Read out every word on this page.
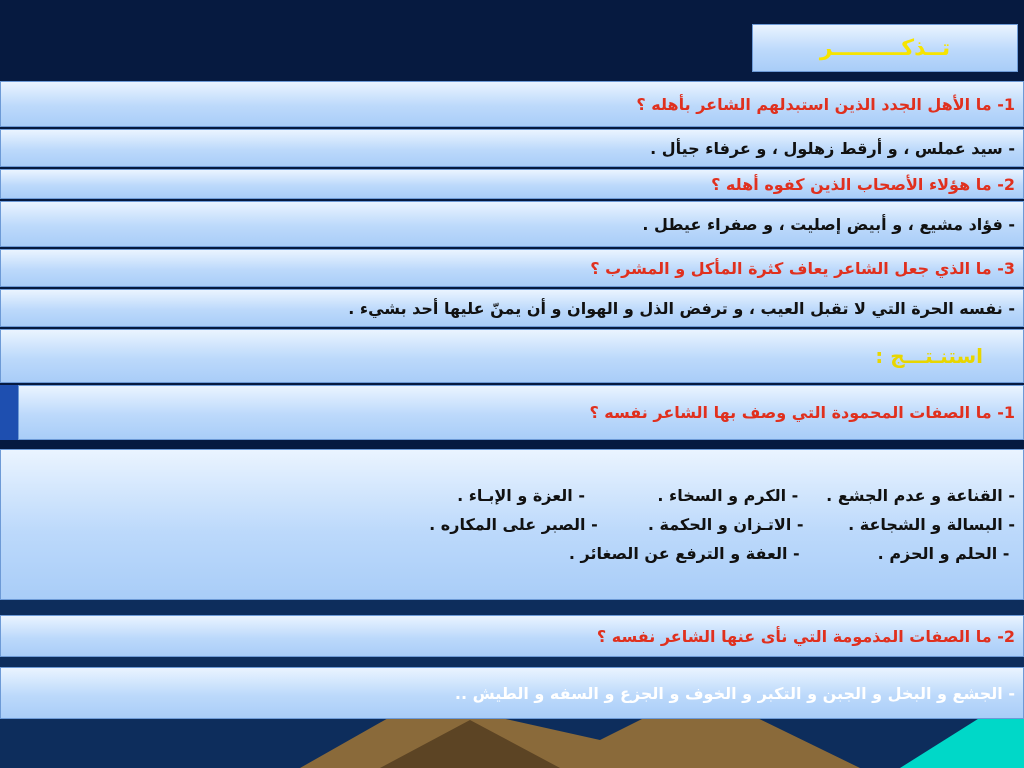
تــذكـــــــــر
1- ما الأهل الجدد الذين استبدلهم الشاعر بأهله ؟
- سيد عملس ، و أرقط زهلول ، و عرفاء جيأل .
2- ما هؤلاء الأصحاب الذين كفوه أهله ؟
- فؤاد مشيع ، و أبيض إصليت ، و صفراء عيطل .
3- ما الذي جعل الشاعر يعاف كثرة المأكل و المشرب ؟
- نفسه الحرة التي لا تقبل العيب ، و ترفض الذل و الهوان و أن يمنّ عليها أحد بشيء .
استنـتـــج :
1- ما الصفات المحمودة التي وصف بها الشاعر نفسه ؟
- القناعة و عدم الجشع .     - الكرم و السخاء .             - العزة و الإبـاء .
- البسالة و الشجاعة .        - الاتـزان و الحكمة .         - الصبر على المكاره .
- الحلم و الحزم .              - العفة و الترفع عن الصغائر .
2- ما الصفات المذمومة التي نأى عنها الشاعر نفسه ؟
- الجشع و البخل و الجبن و التكبر و الخوف و الجزع و السفه و الطيش ..
